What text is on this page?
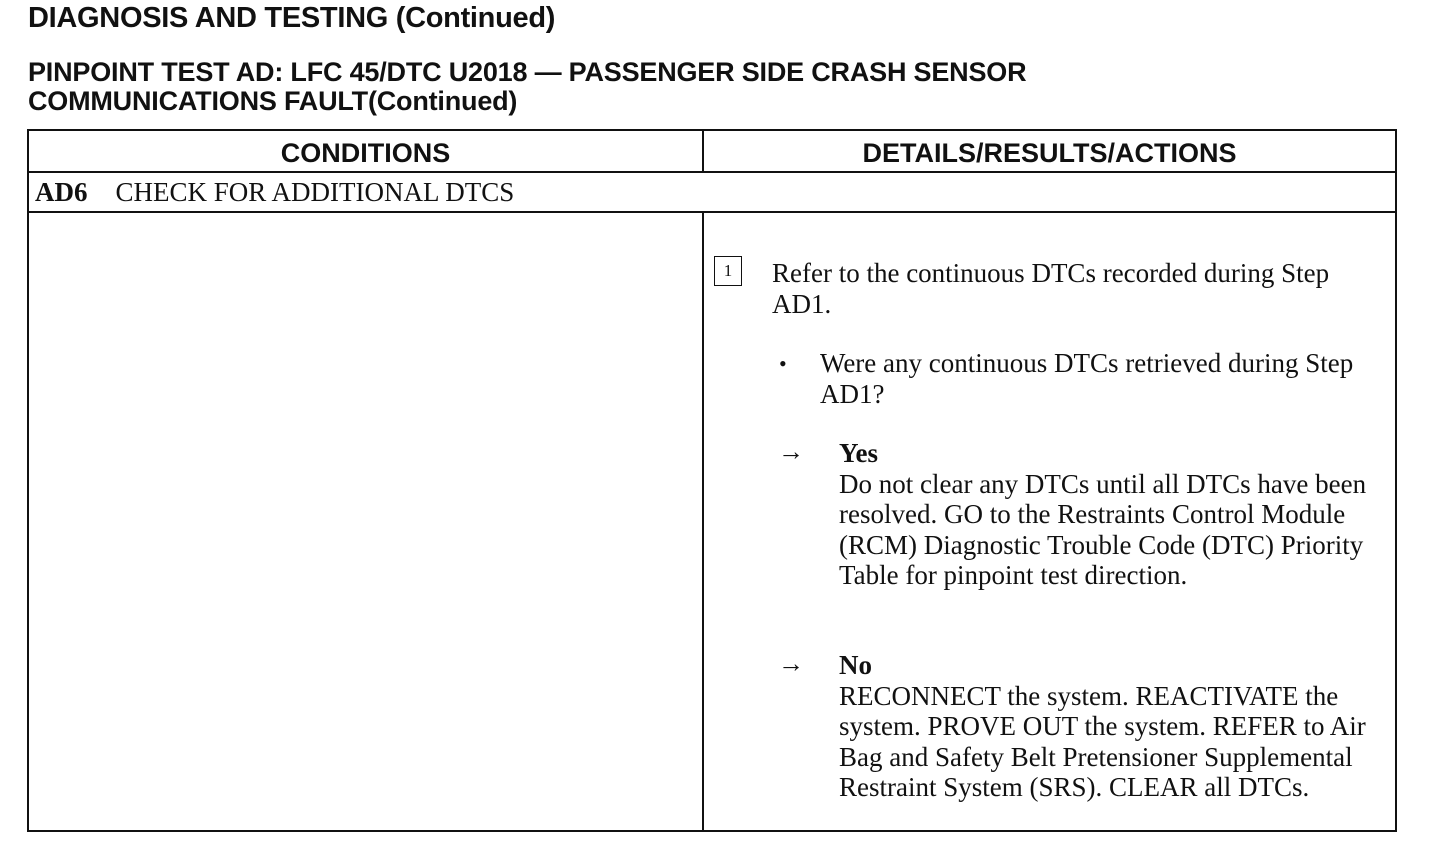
DIAGNOSIS AND TESTING (Continued)
PINPOINT TEST AD: LFC 45/DTC U2018 — PASSENGER SIDE CRASH SENSOR
COMMUNICATIONS FAULT(Continued)
CONDITIONS	DETAILS/RESULTS/ACTIONS
AD6 CHECK FOR ADDITIONAL DTCS
1	Refer to the continuous DTCs recorded during Step AD1.
• Were any continuous DTCs retrieved during Step AD1?
→ Yes
Do not clear any DTCs until all DTCs have been resolved. GO to the Restraints Control Module (RCM) Diagnostic Trouble Code (DTC) Priority Table for pinpoint test direction.
→ No
RECONNECT the system. REACTIVATE the system. PROVE OUT the system. REFER to Air Bag and Safety Belt Pretensioner Supplemental Restraint System (SRS). CLEAR all DTCs.
